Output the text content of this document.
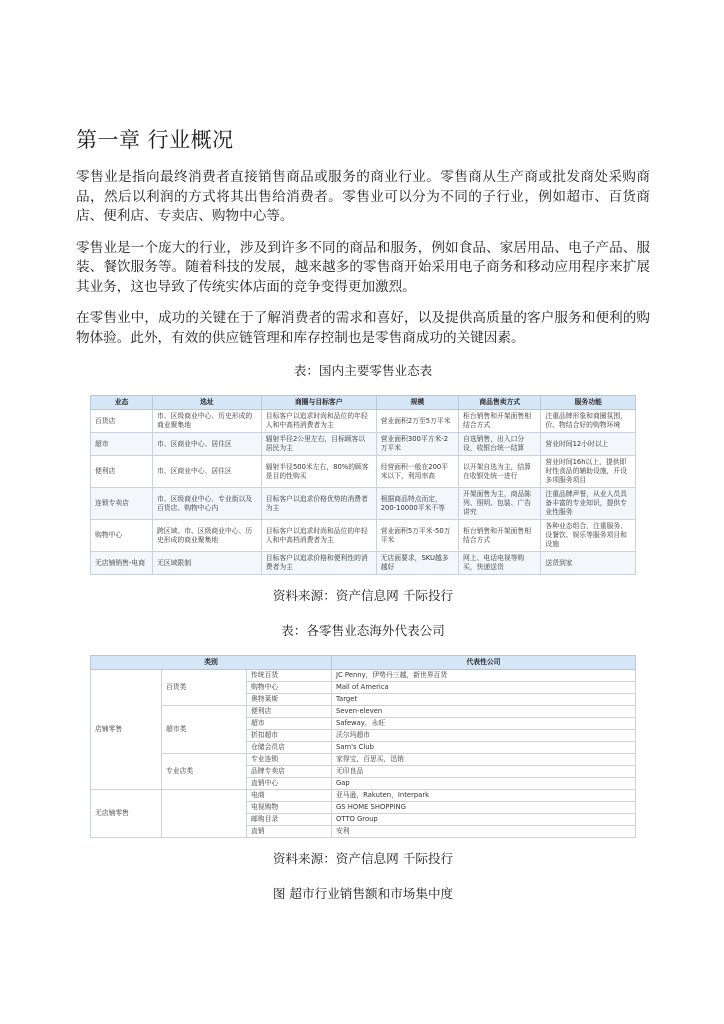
第一章 行业概况

零售业是指向最终消费者直接销售商品或服务的商业行业。零售商从生产商或批发商处采购商品，然后以利润的方式将其出售给消费者。零售业可以分为不同的子行业，例如超市、百货商店、便利店、专卖店、购物中心等。

零售业是一个庞大的行业，涉及到许多不同的商品和服务，例如食品、家居用品、电子产品、服装、餐饮服务等。随着科技的发展，越来越多的零售商开始采用电子商务和移动应用程序来扩展其业务，这也导致了传统实体店面的竞争变得更加激烈。

在零售业中，成功的关键在于了解消费者的需求和喜好，以及提供高质量的客户服务和便利的购物体验。此外，有效的供应链管理和库存控制也是零售商成功的关键因素。

表：国内主要零售业态表
业态	选址	商圈与目标客户	规模	商品售卖方式	服务功能
百货店	市、区级商业中心、历史形成的商业聚集地	目标客户以追求时尚和品位的年轻人和中高档消费者为主	营业面积2万至5万平米	柜台销售和开架面售相结合方式	注重品牌形象和商圈氛围，价、物结合好的购物环境
超市	市、区商业中心、居住区	辐射半径2公里左右，目标顾客以居民为主	营业面积300平方米-2万平米	自选销售，出入口分设，收银台统一结算	营业时间12小时以上
便利店	市、区商业中心、居住区	辐射半径500米左右，80%的顾客是目的性购买	经营面积一般在200平米以下，利用率高	以开架自选为主，结算在收银处统一进行	营业时间16h以上，提供即时性食品的辅助设施，开设多项服务项目
连锁专卖店	市、区级商业中心、专业街以及百货店、购物中心内	目标客户以追求价格优势的消费者为主	根据商品特点而定，200-10000平米不等	开架面售为主，商品陈列、照明、包装、广告讲究	注重品牌声誉，从业人员具备丰富的专业知识，提供专业性服务
购物中心	跨区域、市、区级商业中心、历史形成的商业聚集地	目标客户以追求时尚和品位的年轻人和中高档消费者为主	营业面积5万平米-50万平米	柜台销售和开架面售相结合方式	各种业态组合，注重服务、设餐饮、娱乐等服务项目和设施
无店铺销售-电商	无区域限制	目标客户以追求价格和便利性的消费者为主	无店面要求，SKU越多越好	网上、电话电视等购买，快递送货	送货到家
资料来源：资产信息网 千际投行
表：各零售业态海外代表公司
类别			代表性公司
店铺零售	百货类	传统百货	JC Penny，伊势丹三越，新世界百货
		购物中心	Mall of America
		奥特莱斯	Target
	超市类	便利店	Seven-eleven
		超市	Safeway，永旺
		折扣超市	沃尔玛超市
		仓储会员店	Sam's Club
	专业店类	专业连锁	家得宝，百思买，迅销
		品牌专卖店	无印良品
		直销中心	Gap
无店铺零售		电商	亚马逊，Rakuten，Interpark
		电视购物	GS HOME SHOPPING
		邮购目录	OTTO Group
		直销	安利
资料来源：资产信息网 千际投行
图 超市行业销售额和市场集中度
